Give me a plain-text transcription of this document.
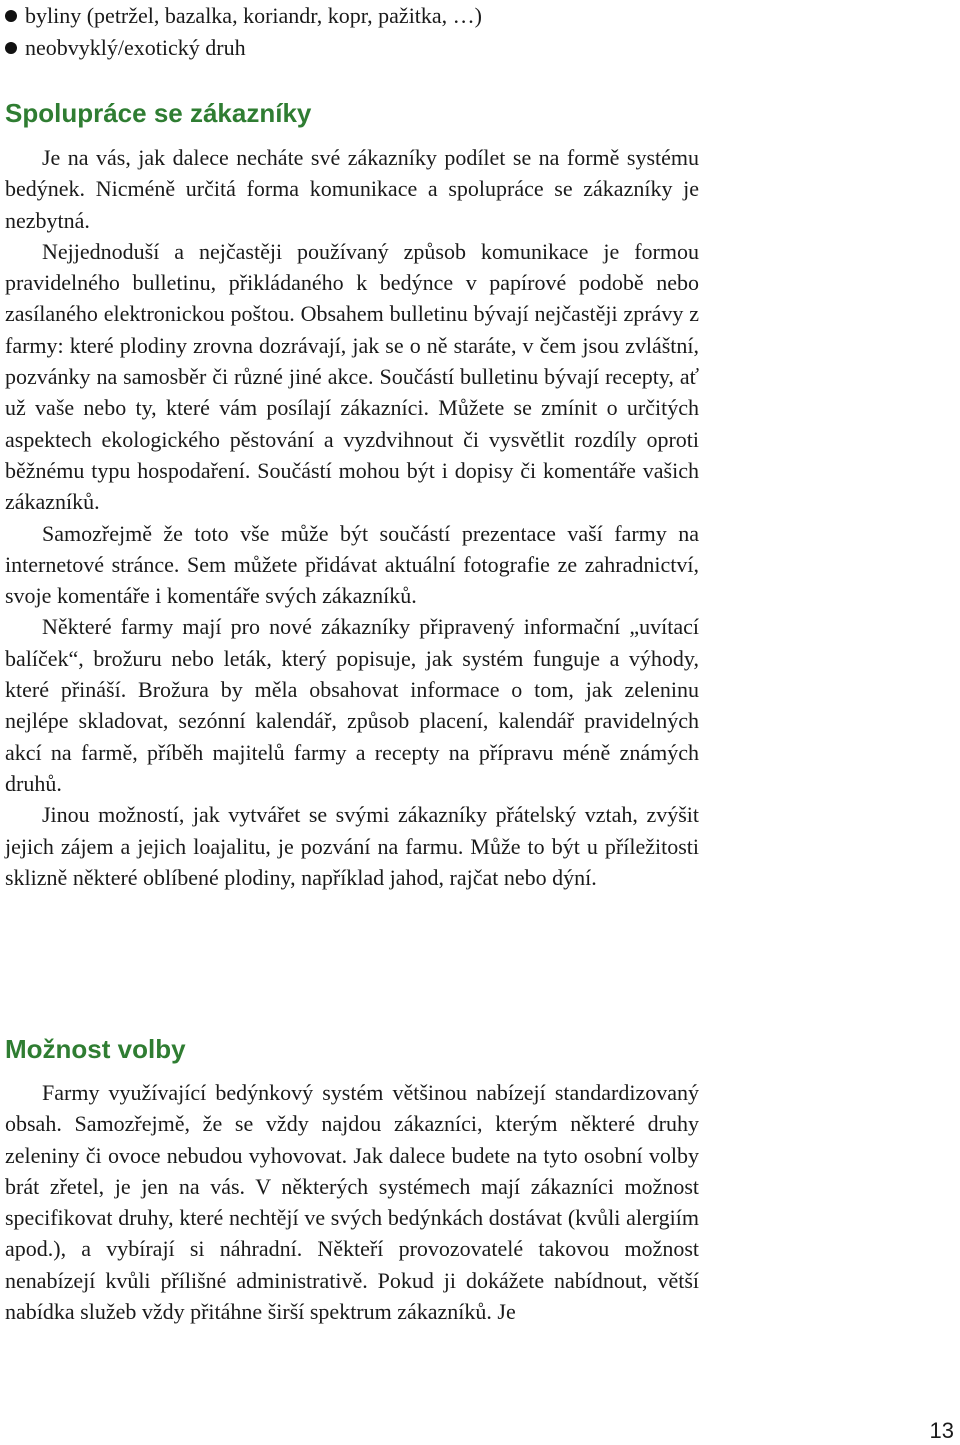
byliny (petržel, bazalka, koriandr, kopr, pažitka, …)
neobvyklý/exotický druh
Spolupráce se zákazníky

Je na vás, jak dalece necháte své zákazníky podílet se na formě systému bedýnek. Nicméně určitá forma komunikace a spolupráce se zákazníky je nezbytná.

Nejjednoduší a nejčastěji používaný způsob komunikace je formou pravidelného bulletinu, přikládaného k bedýnce v papírové podobě nebo zasílaného elektronickou poštou. Obsahem bulletinu bývají nejčastěji zprávy z farmy: které plodiny zrovna dozrávají, jak se o ně staráte, v čem jsou zvláštní, pozvánky na samosběr či různé jiné akce. Součástí bulletinu bývají recepty, ať už vaše nebo ty, které vám posílají zákazníci. Můžete se zmínit o určitých aspektech ekologického pěstování a vyzdvihnout či vysvětlit rozdíly oproti běžnému typu hospodaření. Součástí mohou být i dopisy či komentáře vašich zákazníků.

Samozřejmě že toto vše může být součástí prezentace vaší farmy na internetové stránce. Sem můžete přidávat aktuální fotografie ze zahradnictví, svoje komentáře i komentáře svých zákazníků.

Některé farmy mají pro nové zákazníky připravený informační „uvítací balíček“, brožuru nebo leták, který popisuje, jak systém funguje a výhody, které přináší. Brožura by měla obsahovat informace o tom, jak zeleninu nejlépe skladovat, sezónní kalendář, způsob placení, kalendář pravidelných akcí na farmě, příběh majitelů farmy a recepty na přípravu méně známých druhů.

Jinou možností, jak vytvářet se svými zákazníky přátelský vztah, zvýšit jejich zájem a jejich loajalitu, je pozvání na farmu. Může to být u příležitosti sklizně některé oblíbené plodiny, například jahod, rajčat nebo dýní.

Možnost volby

Farmy využívající bedýnkový systém většinou nabízejí standardizovaný obsah. Samozřejmě, že se vždy najdou zákazníci, kterým některé druhy zeleniny či ovoce nebudou vyhovovat. Jak dalece budete na tyto osobní volby brát zřetel, je jen na vás. V některých systémech mají zákazníci možnost specifikovat druhy, které nechtějí ve svých bedýnkách dostávat (kvůli alergiím apod.), a vybírají si náhradní. Někteří provozovatelé takovou možnost nenabízejí kvůli přílišné administrativě. Pokud ji dokážete nabídnout, větší nabídka služeb vždy přitáhne širší spektrum zákazníků. Je

13
